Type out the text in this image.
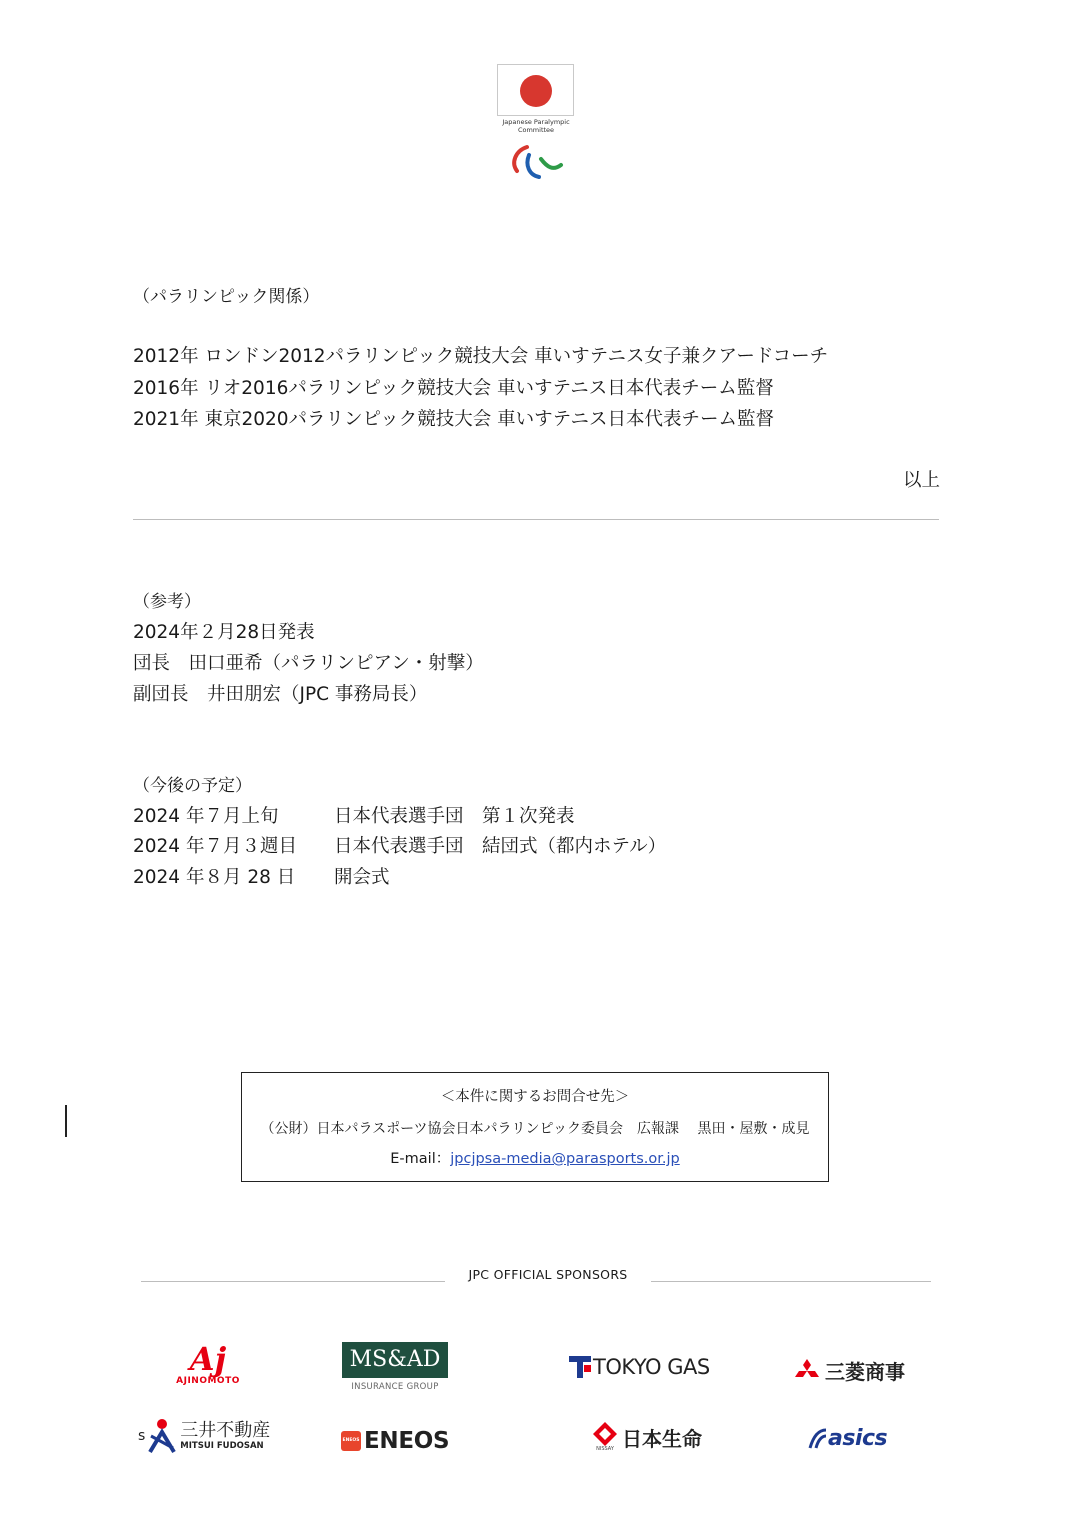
Japanese Paralympic
Committee
（パラリンピック関係）
2012年 ロンドン2012パラリンピック競技大会 車いすテニス女子兼クアードコーチ
2016年 リオ2016パラリンピック競技大会 車いすテニス日本代表チーム監督
2021年 東京2020パラリンピック競技大会 車いすテニス日本代表チーム監督
以上
（参考）
2024年２月28日発表
団長　田口亜希（パラリンピアン・射撃）
副団長　井田朋宏（JPC 事務局長）
（今後の予定）
2024 年７月上旬	日本代表選手団　第１次発表
2024 年７月３週目	日本代表選手団　結団式（都内ホテル）
2024 年８月 28 日	開会式
＜本件に関するお問合せ先＞
（公財）日本パラスポーツ協会日本パラリンピック委員会　広報課　 黒田・屋敷・成見
E-mail：jpcjpsa-media@parasports.or.jp
JPC OFFICIAL SPONSORS
Aj
AJINOMOTO
MS&AD
INSURANCE GROUP
TOKYO GAS	三菱商事
s 三井不動産
MITSUI FUDOSAN
ENEOS ENEOS	NISSAY 日本生命	asics
